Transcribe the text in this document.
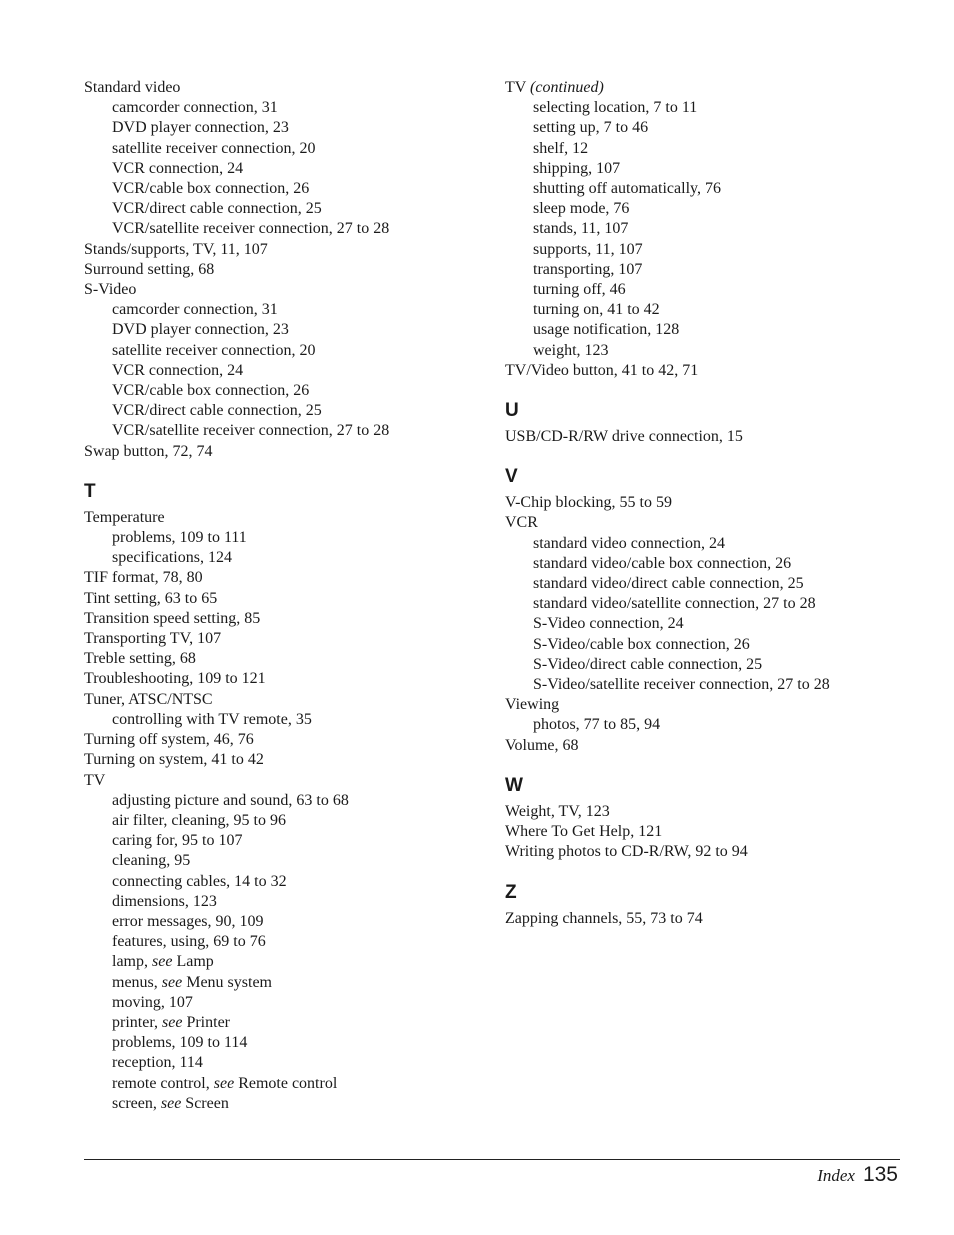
Standard video
camcorder connection, 31
DVD player connection, 23
satellite receiver connection, 20
VCR connection, 24
VCR/cable box connection, 26
VCR/direct cable connection, 25
VCR/satellite receiver connection, 27 to 28
Stands/supports, TV, 11, 107
Surround setting, 68
S-Video
camcorder connection, 31
DVD player connection, 23
satellite receiver connection, 20
VCR connection, 24
VCR/cable box connection, 26
VCR/direct cable connection, 25
VCR/satellite receiver connection, 27 to 28
Swap button, 72, 74
T
Temperature
problems, 109 to 111
specifications, 124
TIF format, 78, 80
Tint setting, 63 to 65
Transition speed setting, 85
Transporting TV, 107
Treble setting, 68
Troubleshooting, 109 to 121
Tuner, ATSC/NTSC
controlling with TV remote, 35
Turning off system, 46, 76
Turning on system, 41 to 42
TV
adjusting picture and sound, 63 to 68
air filter, cleaning, 95 to 96
caring for, 95 to 107
cleaning, 95
connecting cables, 14 to 32
dimensions, 123
error messages, 90, 109
features, using, 69 to 76
lamp, see Lamp
menus, see Menu system
moving, 107
printer, see Printer
problems, 109 to 114
reception, 114
remote control, see Remote control
screen, see Screen
TV (continued)
selecting location, 7 to 11
setting up, 7 to 46
shelf, 12
shipping, 107
shutting off automatically, 76
sleep mode, 76
stands, 11, 107
supports, 11, 107
transporting, 107
turning off, 46
turning on, 41 to 42
usage notification, 128
weight, 123
TV/Video button, 41 to 42, 71
U
USB/CD-R/RW drive connection, 15
V
V-Chip blocking, 55 to 59
VCR
standard video connection, 24
standard video/cable box connection, 26
standard video/direct cable connection, 25
standard video/satellite connection, 27 to 28
S-Video connection, 24
S-Video/cable box connection, 26
S-Video/direct cable connection, 25
S-Video/satellite receiver connection, 27 to 28
Viewing
photos, 77 to 85, 94
Volume, 68
W
Weight, TV, 123
Where To Get Help, 121
Writing photos to CD-R/RW, 92 to 94
Z
Zapping channels, 55, 73 to 74
Index 135
